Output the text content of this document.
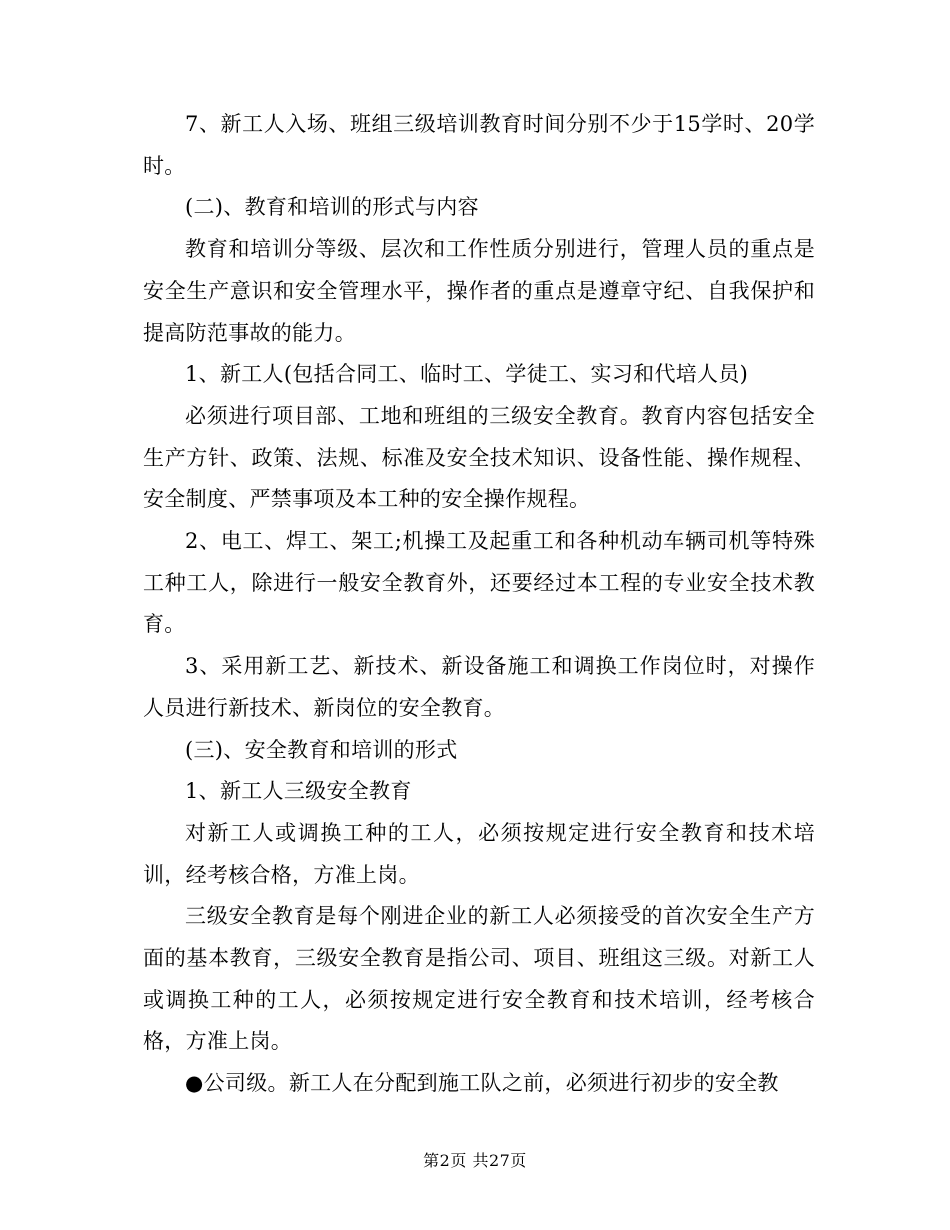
7、新工人入场、班组三级培训教育时间分别不少于15学时、20学时。

(二)、教育和培训的形式与内容

教育和培训分等级、层次和工作性质分别进行，管理人员的重点是安全生产意识和安全管理水平，操作者的重点是遵章守纪、自我保护和提高防范事故的能力。

1、新工人(包括合同工、临时工、学徒工、实习和代培人员)

必须进行项目部、工地和班组的三级安全教育。教育内容包括安全生产方针、政策、法规、标准及安全技术知识、设备性能、操作规程、安全制度、严禁事项及本工种的安全操作规程。

2、电工、焊工、架工;机操工及起重工和各种机动车辆司机等特殊工种工人，除进行一般安全教育外，还要经过本工程的专业安全技术教育。

3、采用新工艺、新技术、新设备施工和调换工作岗位时，对操作人员进行新技术、新岗位的安全教育。

(三)、安全教育和培训的形式

1、新工人三级安全教育

对新工人或调换工种的工人，必须按规定进行安全教育和技术培训，经考核合格，方准上岗。

三级安全教育是每个刚进企业的新工人必须接受的首次安全生产方面的基本教育，三级安全教育是指公司、项目、班组这三级。对新工人或调换工种的工人，必须按规定进行安全教育和技术培训，经考核合格，方准上岗。

●公司级。新工人在分配到施工队之前，必须进行初步的安全教

第2页 共27页
